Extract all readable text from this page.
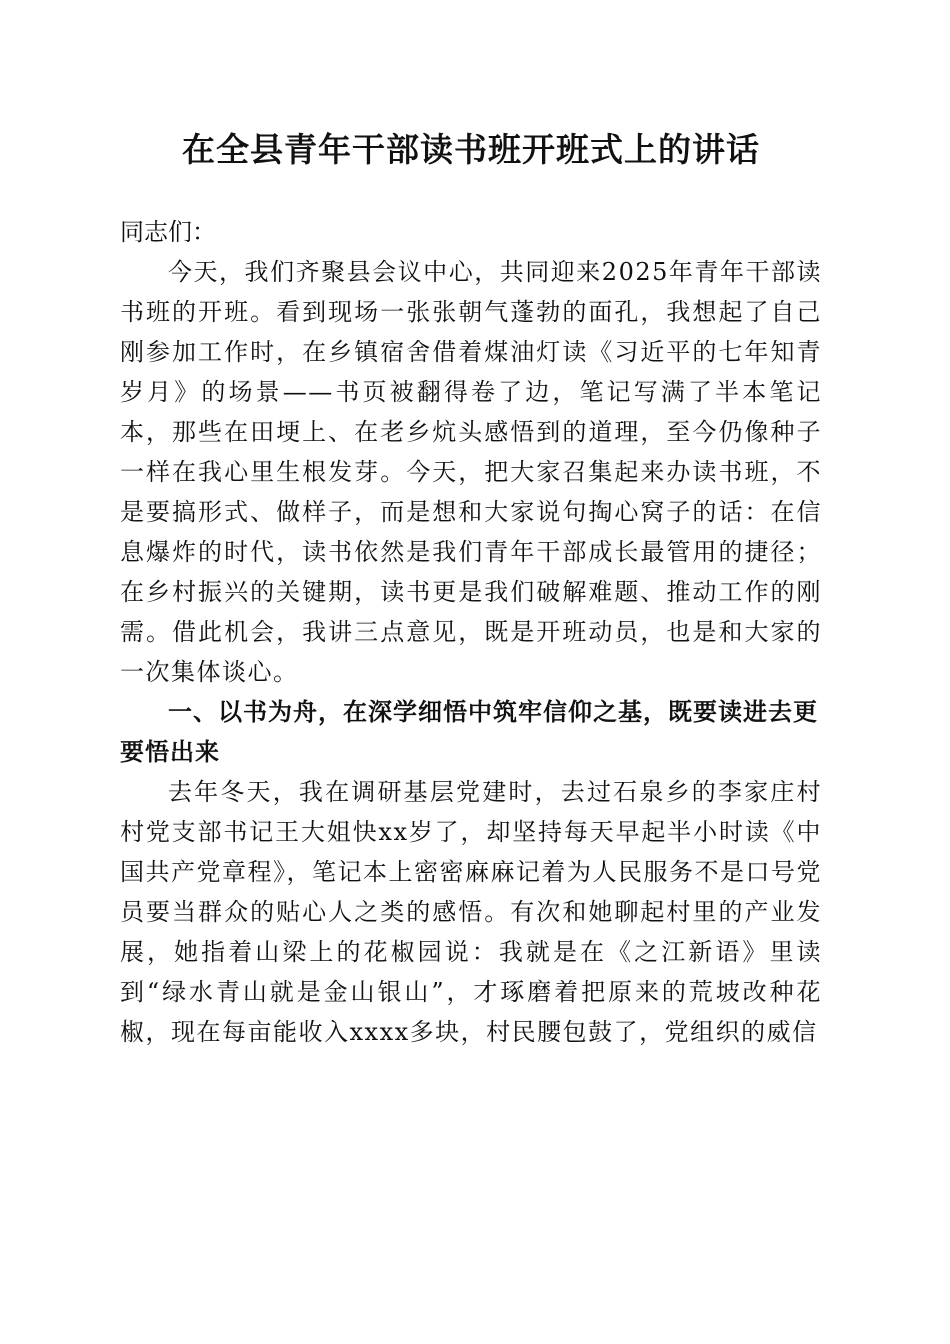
在全县青年干部读书班开班式上的讲话

同志们：

今天，我们齐聚县会议中心，共同迎来2025年青年干部读书班的开班。看到现场一张张朝气蓬勃的面孔，我想起了自己刚参加工作时，在乡镇宿舍借着煤油灯读《习近平的七年知青岁月》的场景——书页被翻得卷了边，笔记写满了半本笔记本，那些在田埂上、在老乡炕头感悟到的道理，至今仍像种子一样在我心里生根发芽。今天，把大家召集起来办读书班，不是要搞形式、做样子，而是想和大家说句掏心窝子的话：在信息爆炸的时代，读书依然是我们青年干部成长最管用的捷径；在乡村振兴的关键期，读书更是我们破解难题、推动工作的刚需。借此机会，我讲三点意见，既是开班动员，也是和大家的一次集体谈心。

一、以书为舟，在深学细悟中筑牢信仰之基，既要读进去更要悟出来

去年冬天，我在调研基层党建时，去过石泉乡的李家庄村村党支部书记王大姐快xx岁了，却坚持每天早起半小时读《中国共产党章程》，笔记本上密密麻麻记着为人民服务不是口号党员要当群众的贴心人之类的感悟。有次和她聊起村里的产业发展，她指着山梁上的花椒园说：我就是在《之江新语》里读到“绿水青山就是金山银山”，才琢磨着把原来的荒坡改种花椒，现在每亩能收入xxxx多块，村民腰包鼓了，党组织的威信
